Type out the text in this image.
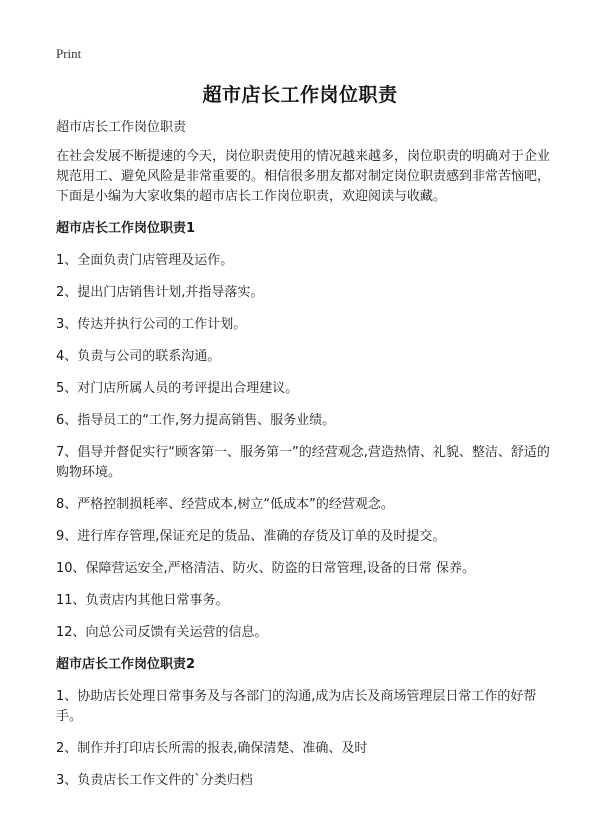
Print
超市店长工作岗位职责
超市店长工作岗位职责
在社会发展不断提速的今天，岗位职责使用的情况越来越多，岗位职责的明确对于企业规范用工、避免风险是非常重要的。相信很多朋友都对制定岗位职责感到非常苦恼吧，下面是小编为大家收集的超市店长工作岗位职责，欢迎阅读与收藏。
超市店长工作岗位职责1
1、全面负责门店管理及运作。
2、提出门店销售计划,并指导落实。
3、传达并执行公司的工作计划。
4、负责与公司的联系沟通。
5、对门店所属人员的考评提出合理建议。
6、指导员工的“工作,努力提高销售、服务业绩。
7、倡导并督促实行“顾客第一、服务第一”的经营观念,营造热情、礼貌、整洁、舒适的购物环境。
8、严格控制损耗率、经营成本,树立“低成本”的经营观念。
9、进行库存管理,保证充足的货品、准确的存货及订单的及时提交。
10、保障营运安全,严格清洁、防火、防盗的日常管理,设备的日常 保养。
11、负责店内其他日常事务。
12、向总公司反馈有关运营的信息。
超市店长工作岗位职责2
1、协助店长处理日常事务及与各部门的沟通,成为店长及商场管理层日常工作的好帮手。
2、制作并打印店长所需的报表,确保清楚、准确、及时
3、负责店长工作文件的`分类归档
